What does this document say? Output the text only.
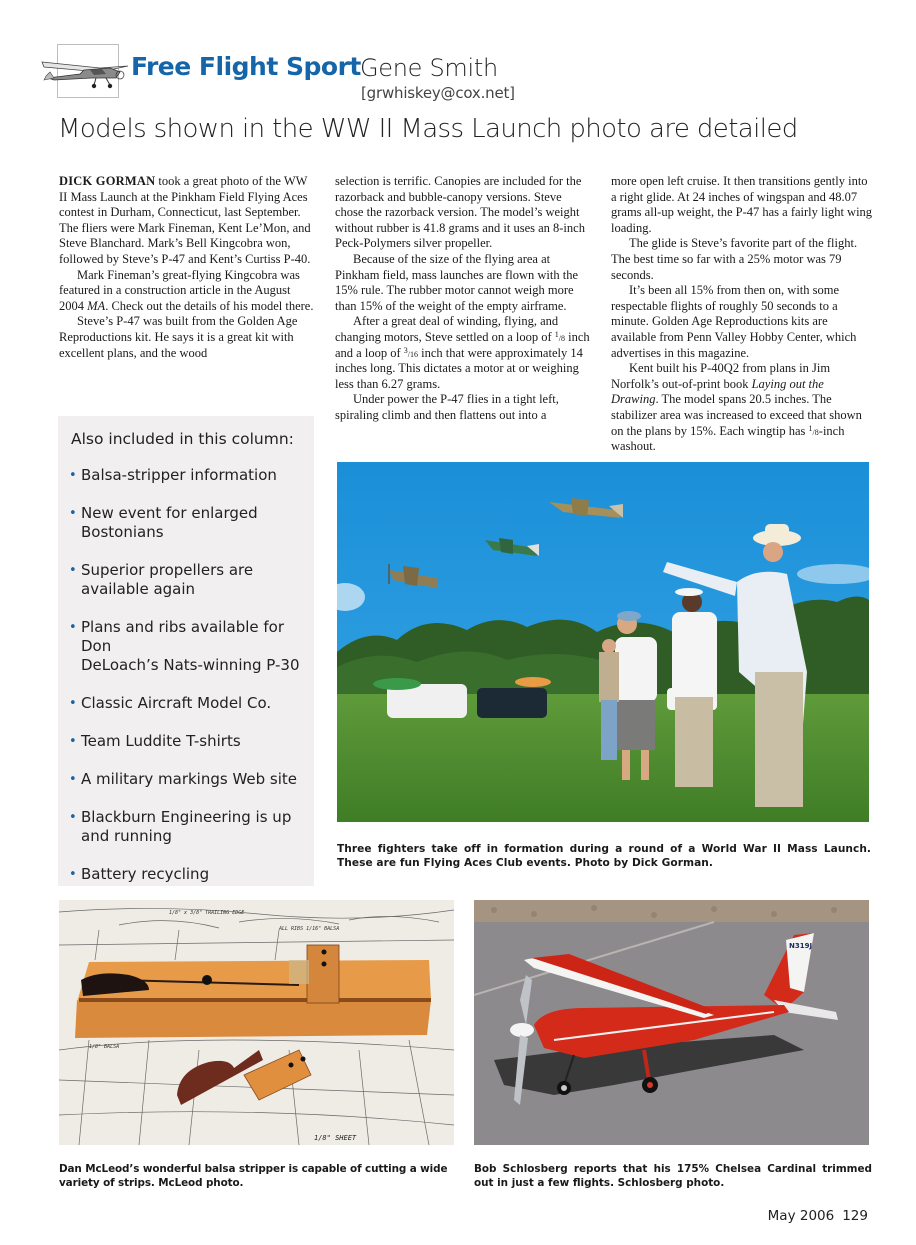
Free Flight Sport Gene Smith
[grwhiskey@cox.net]
Models shown in the WW II Mass Launch photo are detailed

DICK GORMAN took a great photo of the WW II Mass Launch at the Pinkham Field Flying Aces contest in Durham, Connecticut, last September. The fliers were Mark Fineman, Kent Le’Mon, and Steve Blanchard. Mark’s Bell Kingcobra won, followed by Steve’s P-47 and Kent’s Curtiss P-40.

Mark Fineman’s great-flying Kingcobra was featured in a construction article in the August 2004 MA. Check out the details of his model there.

Steve’s P-47 was built from the Golden Age Reproductions kit. He says it is a great kit with excellent plans, and the wood

selection is terrific. Canopies are included for the razorback and bubble-canopy versions. Steve chose the razorback version. The model’s weight without rubber is 41.8 grams and it uses an 8-inch Peck-Polymers silver propeller.

Because of the size of the flying area at Pinkham field, mass launches are flown with the 15% rule. The rubber motor cannot weigh more than 15% of the weight of the empty airframe.

After a great deal of winding, flying, and changing motors, Steve settled on a loop of $^1$/8 inch and a loop of $^3$/16 inch that were approximately 14 inches long. This dictates a motor at or weighing less than 6.27 grams.

Under power the P-47 flies in a tight left, spiraling climb and then flattens out into a

more open left cruise. It then transitions gently into a right glide. At 24 inches of wingspan and 48.07 grams all-up weight, the P-47 has a fairly light wing loading.

The glide is Steve’s favorite part of the flight. The best time so far with a 25% motor was 79 seconds.

It’s been all 15% from then on, with some respectable flights of roughly 50 seconds to a minute. Golden Age Reproductions kits are available from Penn Valley Hobby Center, which advertises in this magazine.

Kent built his P-40Q2 from plans in Jim Norfolk’s out-of-print book Laying out the Drawing. The model spans 20.5 inches. The stabilizer area was increased to exceed that shown on the plans by 15%. Each wingtip has $^1$/8-inch washout.

Also included in this column:
• Balsa-stripper information
• New event for enlarged
Bostonians
• Superior propellers are
available again
• Plans and ribs available for Don
DeLoach’s Nats-winning P-30
• Classic Aircraft Model Co.
• Team Luddite T-shirts
• A military markings Web site
• Blackburn Engineering is up
and running
• Battery recycling
Three fighters take off in formation during a round of a World War II Mass Launch. These are fun Flying Aces Club events. Photo by Dick Gorman.
1/8" x 3/8" TRAILING EDGE
ALL RIBS 1/16" BALSA
1/8" BALSA
1/8" SHEET
Dan McLeod’s wonderful balsa stripper is capable of cutting a wide variety of strips. McLeod photo.
N319J
Bob Schlosberg reports that his 175% Chelsea Cardinal trimmed out in just a few flights. Schlosberg photo.
May 2006 129
